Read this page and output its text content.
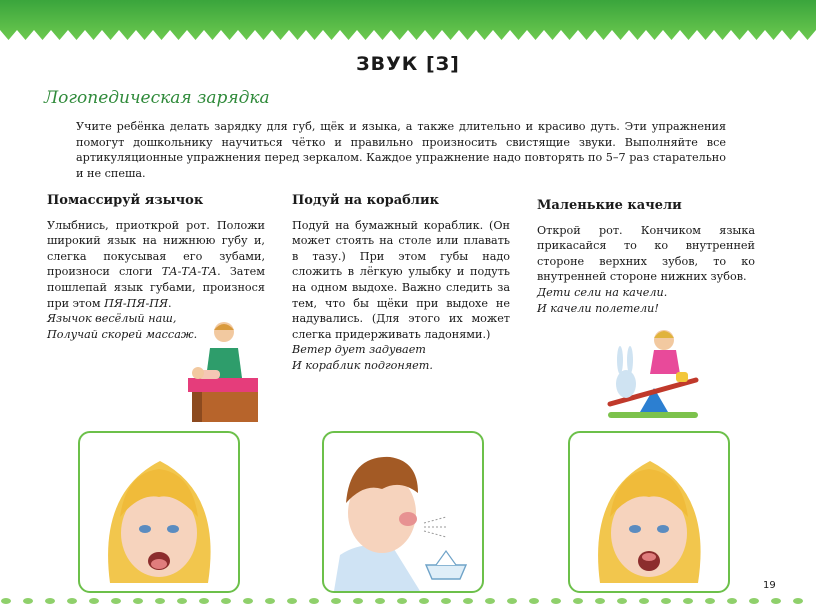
ЗВУК [З]
Логопедическая зарядка
Учите ребёнка делать зарядку для губ, щёк и языка, а также длительно и красиво дуть. Эти упражнения помогут дошкольнику научиться чётко и правильно произносить свистящие звуки. Выполняйте все артикуляционные упражнения перед зеркалом. Каждое упражнение надо повторять по 5–7 раз старательно и не спеша.
Помассируй язычок

Улыбнись, приоткрой рот. Положи широкий язык на нижнюю губу и, слегка покусывая его зубами, произноси слоги ТА-ТА-ТА. Затем пошлепай язык губами, произнося при этом ПЯ-ПЯ-ПЯ.

Язычок весёлый наш,

Получай скорей массаж.

Подуй на кораблик

Подуй на бумажный кораблик. (Он может стоять на столе или плавать в тазу.) При этом губы надо сложить в лёгкую улыбку и подуть на одном выдохе. Важно следить за тем, что бы щёки при выдохе не надувались. (Для этого их может слегка придерживать ладонями.)

Ветер дует задувает

И кораблик подгоняет.

Маленькие качели

Открой рот. Кончиком языка прикасайся то ко внутренней стороне верхних зубов, то ко внутренней стороне нижних зубов.

Дети сели на качели.

И качели полетели!

19
